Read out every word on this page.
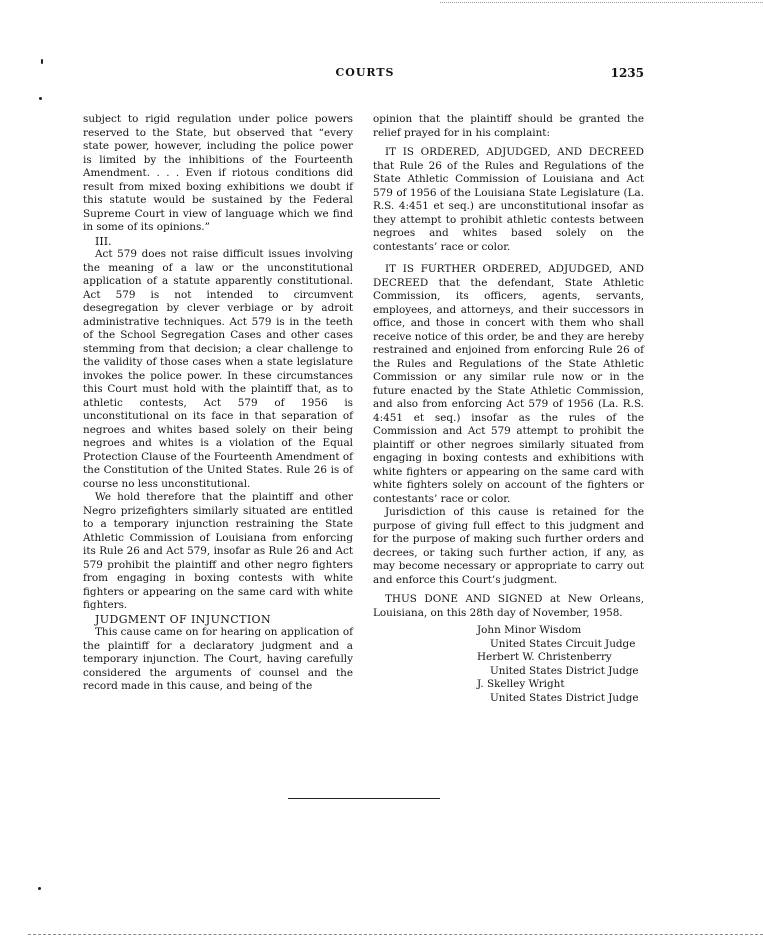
COURTS	1235

subject to rigid regulation under police powers reserved to the State, but observed that “every state power, however, including the police power is limited by the inhibitions of the Fourteenth Amendment. . . . Even if riotous conditions did result from mixed boxing exhibitions we doubt if this statute would be sustained by the Federal Supreme Court in view of language which we find in some of its opinions.”

III.

Act 579 does not raise difficult issues involving the meaning of a law or the unconstitutional application of a statute apparently constitutional. Act 579 is not intended to circumvent desegregation by clever verbiage or by adroit administrative techniques. Act 579 is in the teeth of the School Segregation Cases and other cases stemming from that decision; a clear challenge to the validity of those cases when a state legislature invokes the police power. In these circumstances this Court must hold with the plaintiff that, as to athletic contests, Act 579 of 1956 is unconstitutional on its face in that separation of negroes and whites based solely on their being negroes and whites is a violation of the Equal Protection Clause of the Fourteenth Amendment of the Constitution of the United States. Rule 26 is of course no less unconstitutional.

We hold therefore that the plaintiff and other Negro prizefighters similarly situated are entitled to a temporary injunction restraining the State Athletic Commission of Louisiana from enforcing its Rule 26 and Act 579, insofar as Rule 26 and Act 579 prohibit the plaintiff and other negro fighters from engaging in boxing contests with white fighters or appearing on the same card with white fighters.

JUDGMENT OF INJUNCTION

This cause came on for hearing on application of the plaintiff for a declaratory judgment and a temporary injunction. The Court, having carefully considered the arguments of counsel and the record made in this cause, and being of the

opinion that the plaintiff should be granted the relief prayed for in his complaint:

IT IS ORDERED, ADJUDGED, AND DECREED that Rule 26 of the Rules and Regulations of the State Athletic Commission of Louisiana and Act 579 of 1956 of the Louisiana State Legislature (La. R.S. 4:451 et seq.) are unconstitutional insofar as they attempt to prohibit athletic contests between negroes and whites based solely on the contestants’ race or color.

IT IS FURTHER ORDERED, ADJUDGED, AND DECREED that the defendant, State Athletic Commission, its officers, agents, servants, employees, and attorneys, and their successors in office, and those in concert with them who shall receive notice of this order, be and they are hereby restrained and enjoined from enforcing Rule 26 of the Rules and Regulations of the State Athletic Commission or any similar rule now or in the future enacted by the State Athletic Commission, and also from enforcing Act 579 of 1956 (La. R.S. 4:451 et seq.) insofar as the rules of the Commission and Act 579 attempt to prohibit the plaintiff or other negroes similarly situated from engaging in boxing contests and exhibitions with white fighters or appearing on the same card with white fighters solely on account of the fighters or contestants’ race or color.

Jurisdiction of this cause is retained for the purpose of giving full effect to this judgment and for the purpose of making such further orders and decrees, or taking such further action, if any, as may become necessary or appropriate to carry out and enforce this Court’s judgment.

THUS DONE AND SIGNED at New Orleans, Louisiana, on this 28th day of November, 1958.

John Minor Wisdom

United States Circuit Judge

Herbert W. Christenberry

United States District Judge

J. Skelley Wright

United States District Judge
